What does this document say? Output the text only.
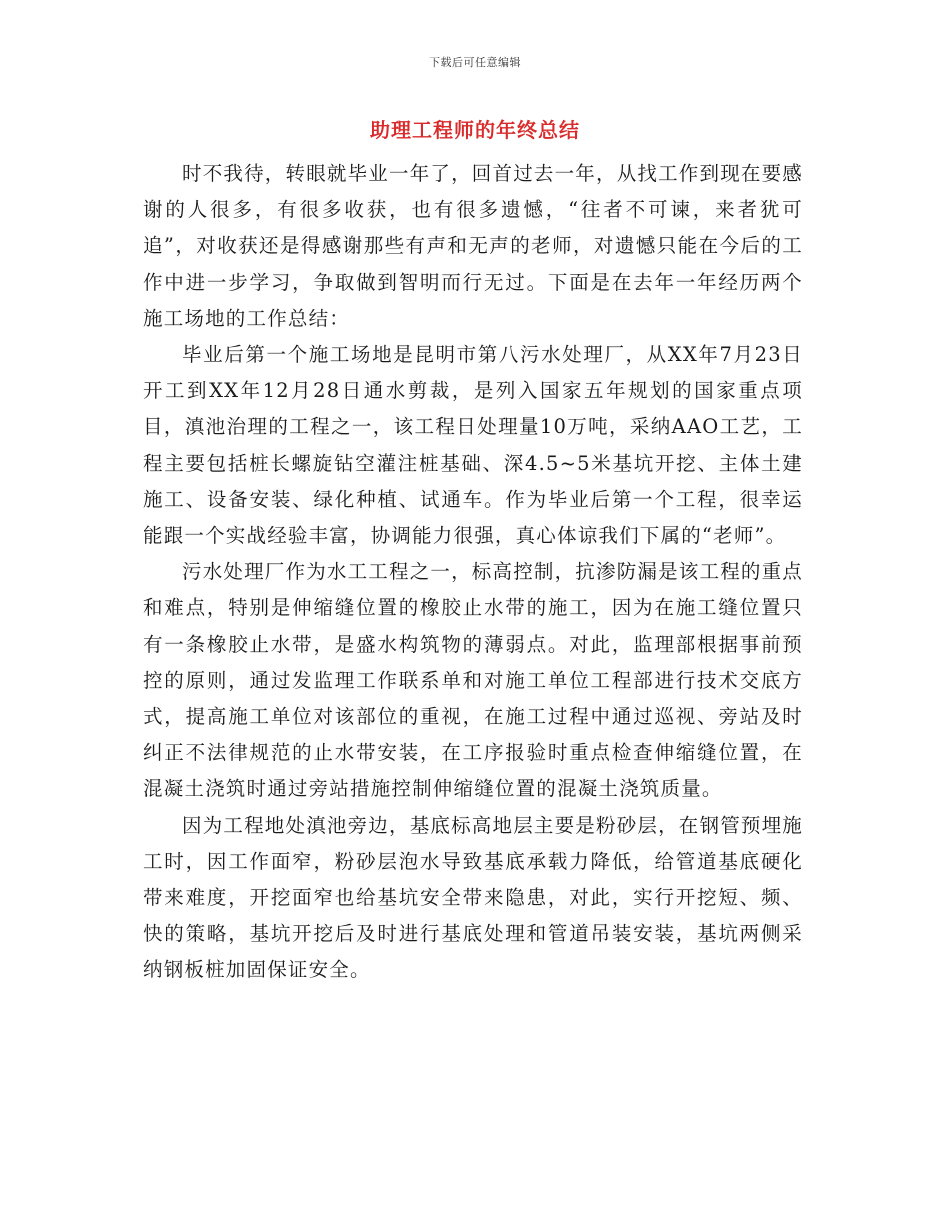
下载后可任意编辑
助理工程师的年终总结

时不我待，转眼就毕业一年了，回首过去一年，从找工作到现在要感谢的人很多，有很多收获，也有很多遗憾，“往者不可谏，来者犹可追”，对收获还是得感谢那些有声和无声的老师，对遗憾只能在今后的工作中进一步学习，争取做到智明而行无过。下面是在去年一年经历两个施工场地的工作总结：

毕业后第一个施工场地是昆明市第八污水处理厂，从XX年7月23日开工到XX年12月28日通水剪裁，是列入国家五年规划的国家重点项目，滇池治理的工程之一，该工程日处理量10万吨，采纳AAO工艺，工程主要包括桩长螺旋钻空灌注桩基础、深4.5~5米基坑开挖、主体土建施工、设备安装、绿化种植、试通车。作为毕业后第一个工程，很幸运能跟一个实战经验丰富，协调能力很强，真心体谅我们下属的“老师”。

污水处理厂作为水工工程之一，标高控制，抗渗防漏是该工程的重点和难点，特别是伸缩缝位置的橡胶止水带的施工，因为在施工缝位置只有一条橡胶止水带，是盛水构筑物的薄弱点。对此，监理部根据事前预控的原则，通过发监理工作联系单和对施工单位工程部进行技术交底方式，提高施工单位对该部位的重视，在施工过程中通过巡视、旁站及时纠正不法律规范的止水带安装，在工序报验时重点检查伸缩缝位置，在混凝土浇筑时通过旁站措施控制伸缩缝位置的混凝土浇筑质量。

因为工程地处滇池旁边，基底标高地层主要是粉砂层，在钢管预埋施工时，因工作面窄，粉砂层泡水导致基底承载力降低，给管道基底硬化带来难度，开挖面窄也给基坑安全带来隐患，对此，实行开挖短、频、快的策略，基坑开挖后及时进行基底处理和管道吊装安装，基坑两侧采纳钢板桩加固保证安全。
